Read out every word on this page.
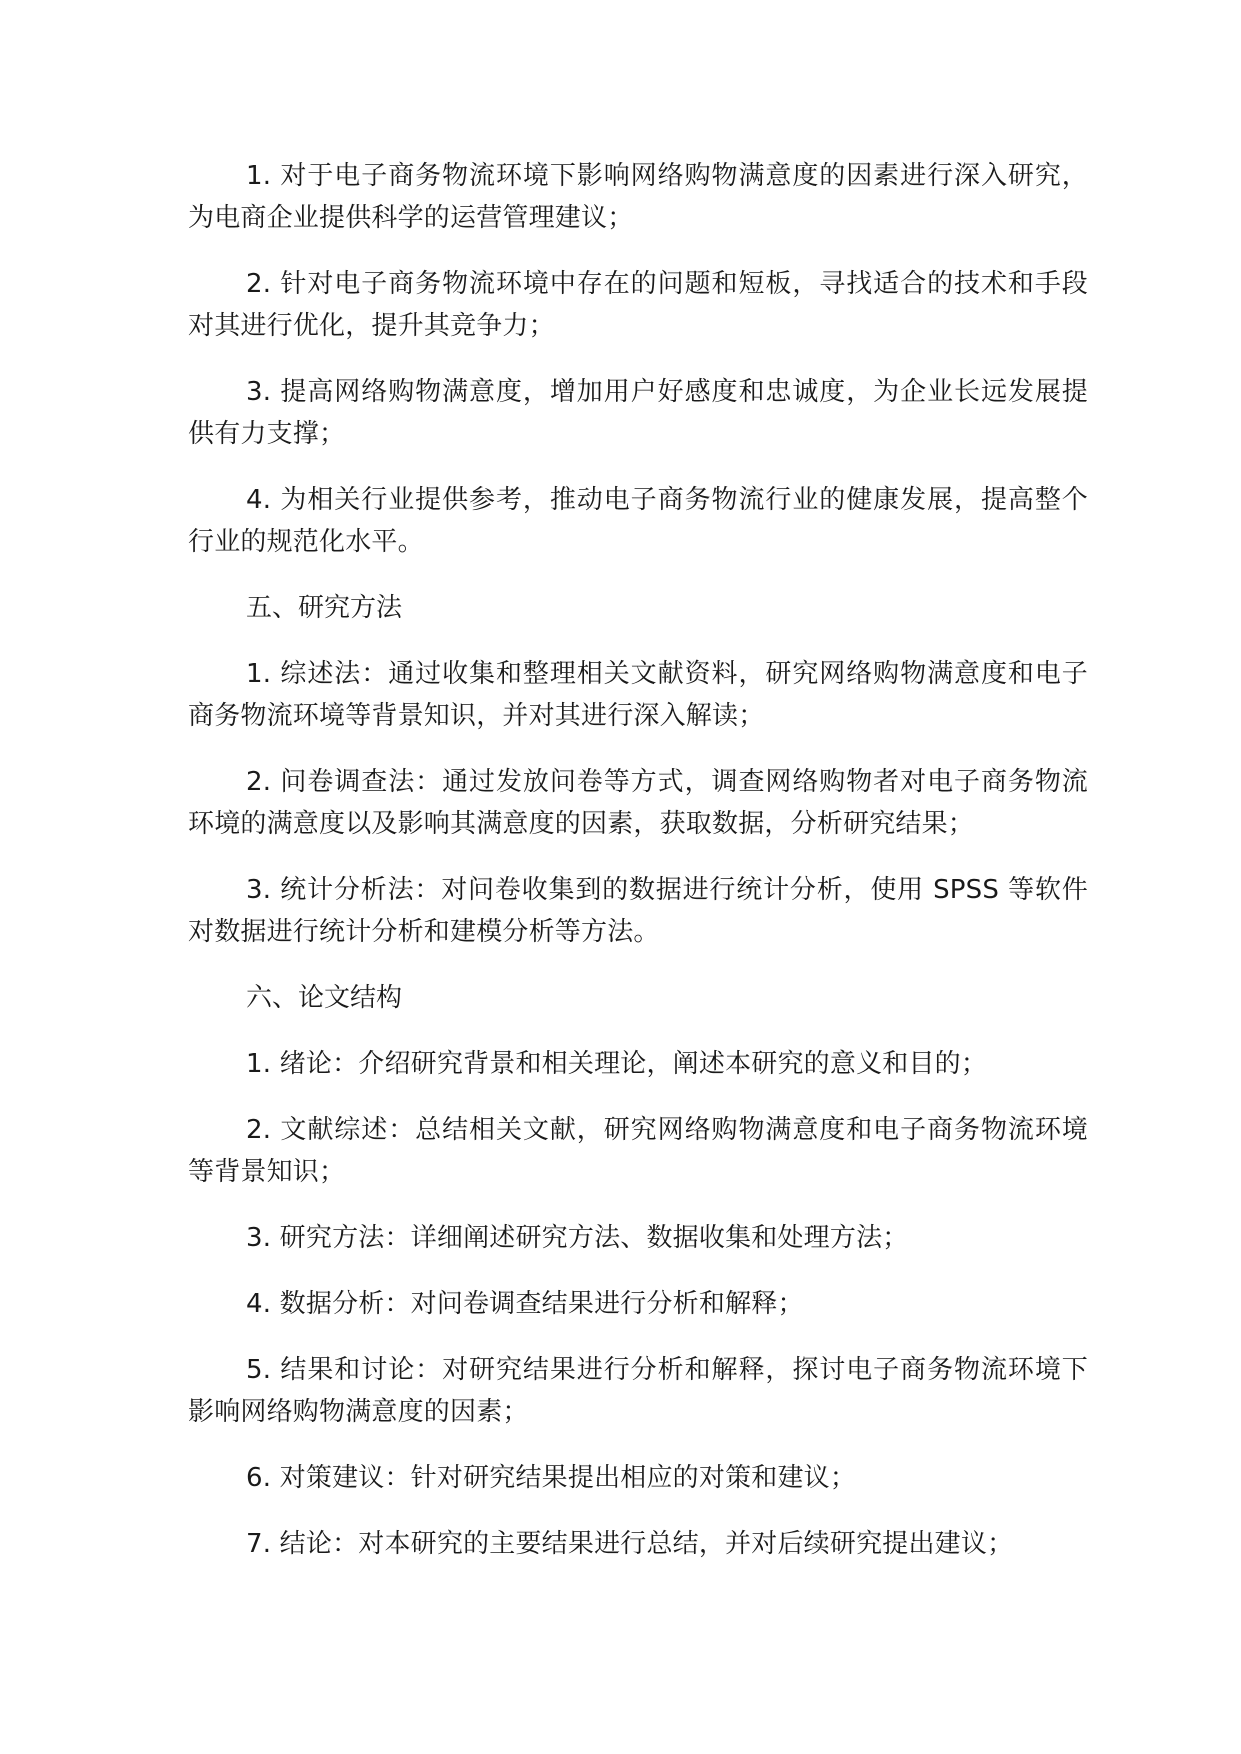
1. 对于电子商务物流环境下影响网络购物满意度的因素进行深入研究，为电商企业提供科学的运营管理建议；

2. 针对电子商务物流环境中存在的问题和短板，寻找适合的技术和手段对其进行优化，提升其竞争力；

3. 提高网络购物满意度，增加用户好感度和忠诚度，为企业长远发展提供有力支撑；

4. 为相关行业提供参考，推动电子商务物流行业的健康发展，提高整个行业的规范化水平。

五、研究方法

1. 综述法：通过收集和整理相关文献资料，研究网络购物满意度和电子商务物流环境等背景知识，并对其进行深入解读；

2. 问卷调查法：通过发放问卷等方式，调查网络购物者对电子商务物流环境的满意度以及影响其满意度的因素，获取数据，分析研究结果；

3. 统计分析法：对问卷收集到的数据进行统计分析，使用 SPSS 等软件对数据进行统计分析和建模分析等方法。

六、论文结构

1. 绪论：介绍研究背景和相关理论，阐述本研究的意义和目的；

2. 文献综述：总结相关文献，研究网络购物满意度和电子商务物流环境等背景知识；

3. 研究方法：详细阐述研究方法、数据收集和处理方法；

4. 数据分析：对问卷调查结果进行分析和解释；

5. 结果和讨论：对研究结果进行分析和解释，探讨电子商务物流环境下影响网络购物满意度的因素；

6. 对策建议：针对研究结果提出相应的对策和建议；

7. 结论：对本研究的主要结果进行总结，并对后续研究提出建议；
